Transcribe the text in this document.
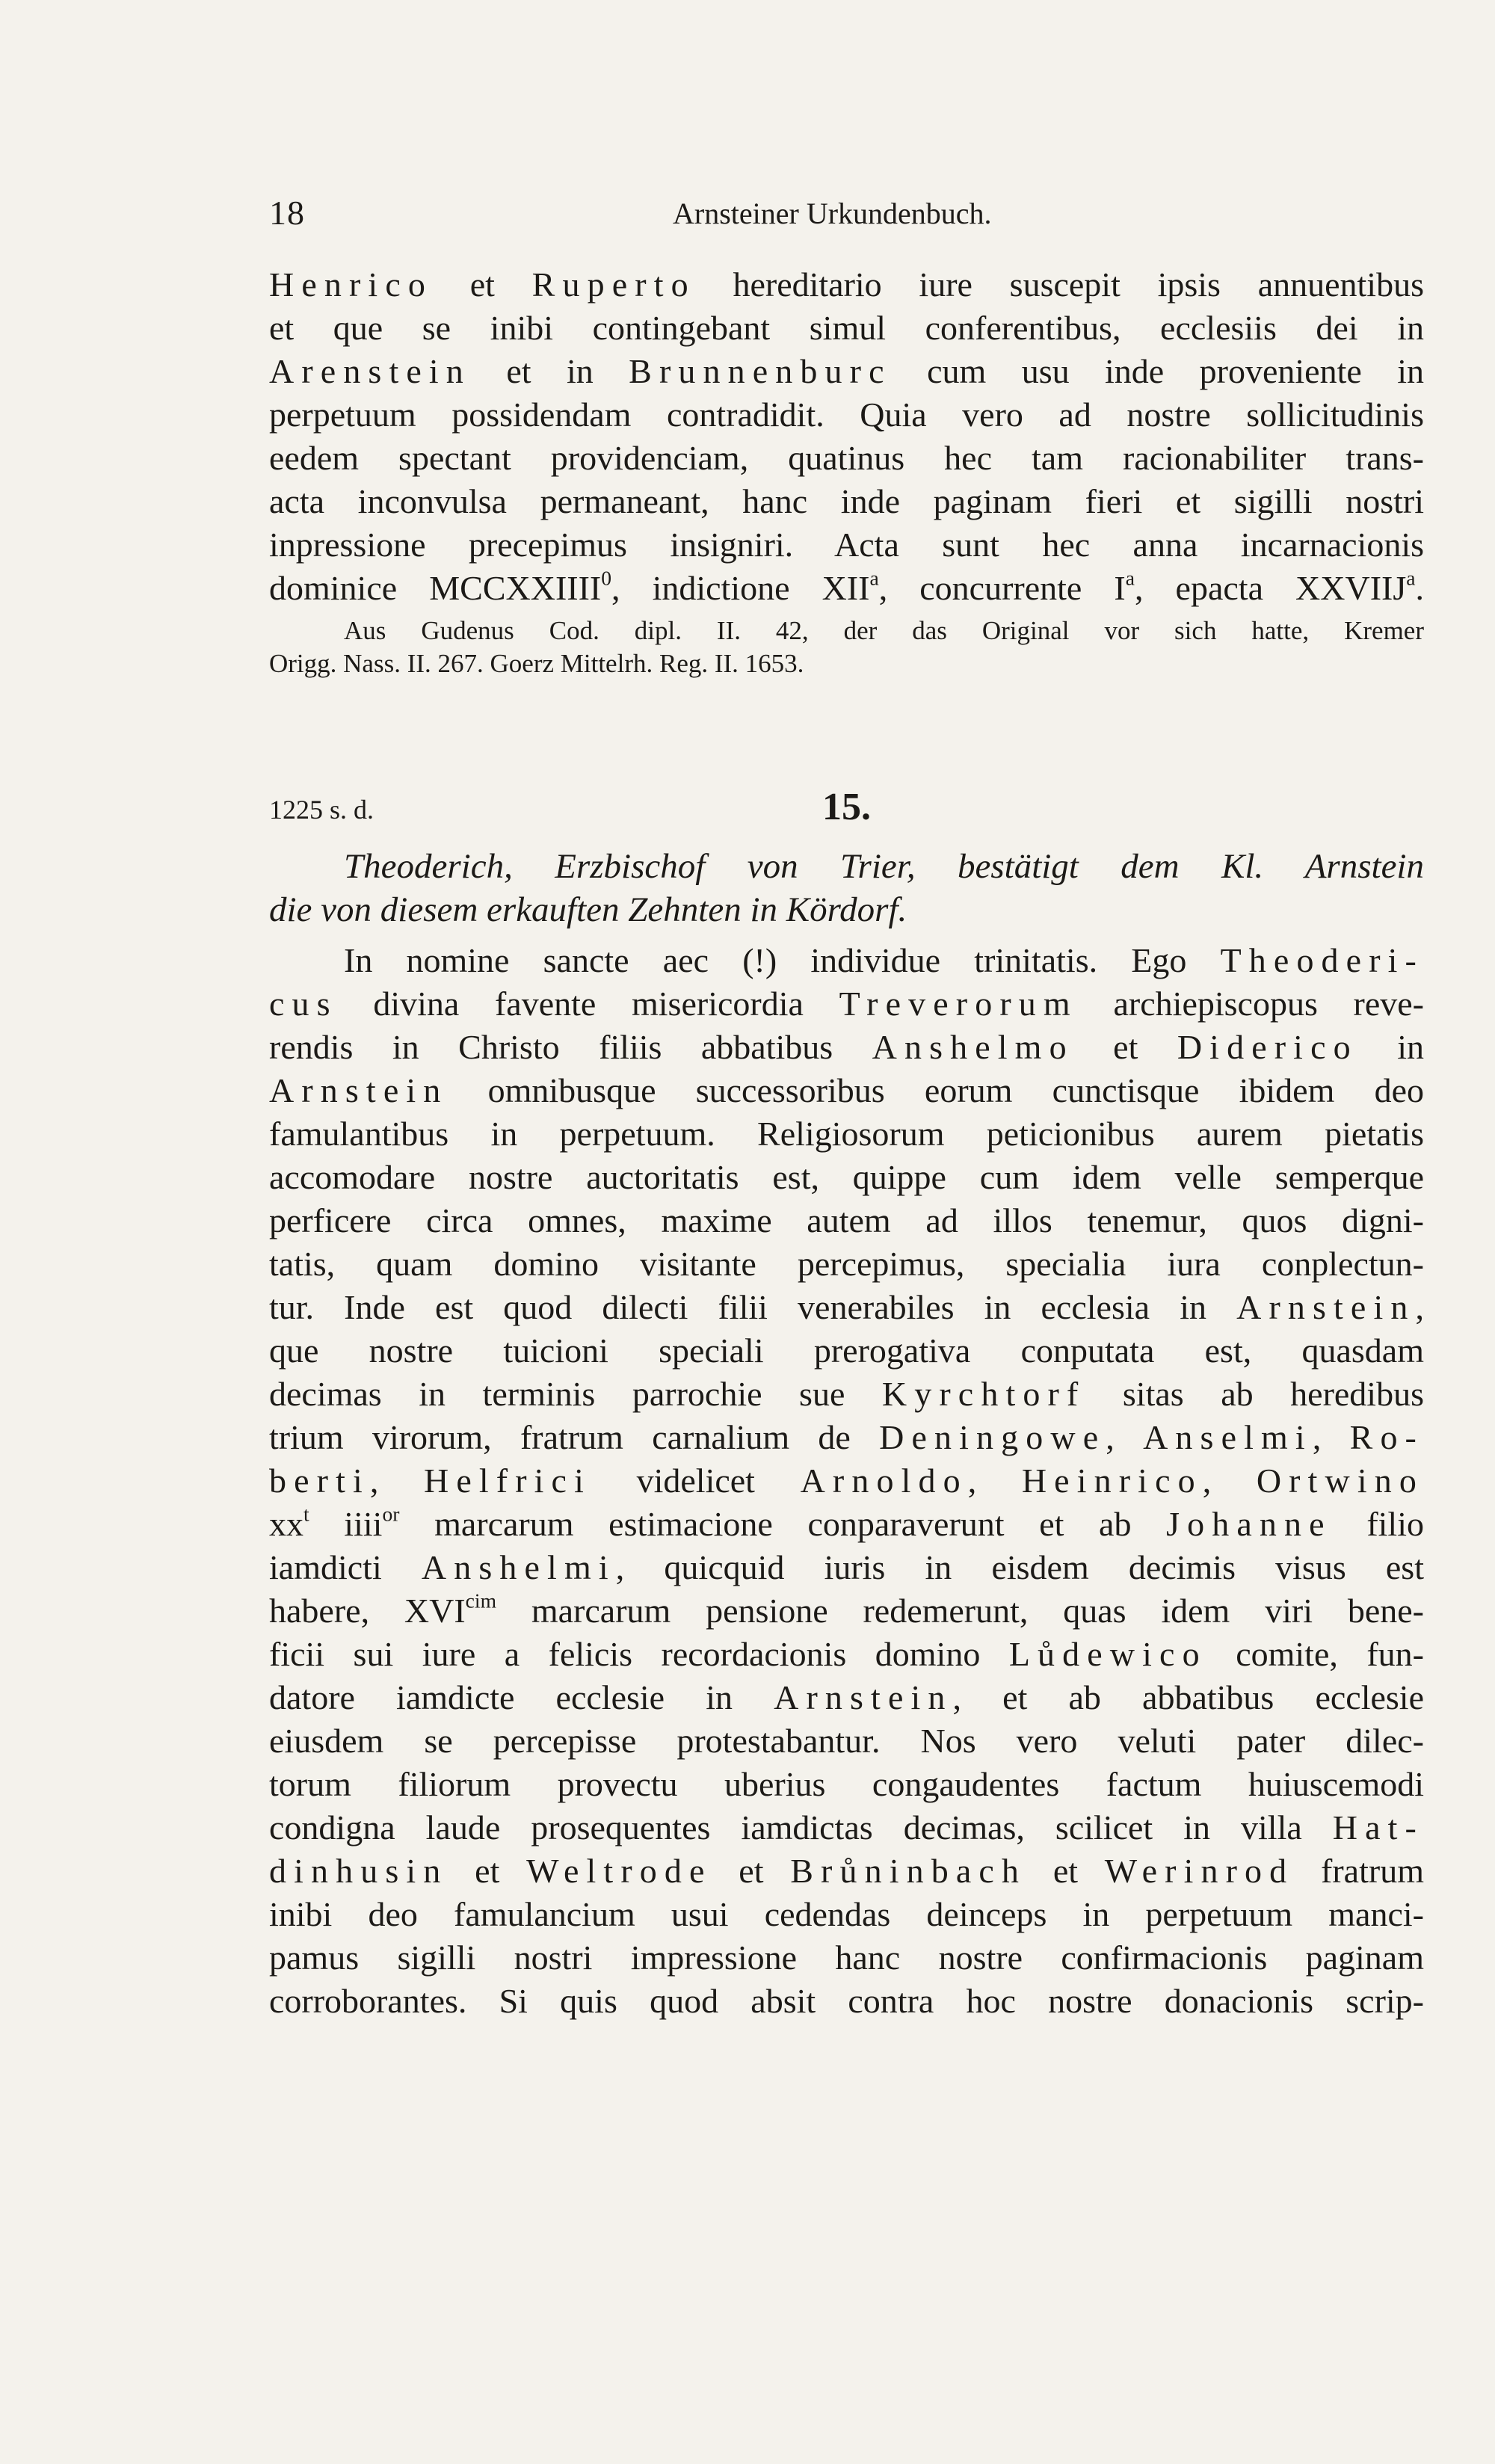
18	Arnsteiner Urkundenbuch.
Henrico et Ruperto hereditario iure suscepit ipsis annuentibus
et que se inibi contingebant simul conferentibus, ecclesiis dei in
Arenstein et in Brunnenburc cum usu inde proveniente in
perpetuum possidendam contradidit. Quia vero ad nostre sollicitudinis
eedem spectant providenciam, quatinus hec tam racionabiliter trans-
acta inconvulsa permaneant, hanc inde paginam fieri et sigilli nostri
inpressione precepimus insigniri. Acta sunt hec anna incarnacionis
dominice MCCXXIIII$^0$, indictione XII$^a$, concurrente $I^a$, epacta XXVIIJ$^a$.
Aus Gudenus Cod. dipl. II. 42, der das Original vor sich hatte, Kremer
Origg. Nass. II. 267. Goerz Mittelrh. Reg. II. 1653.
1225 s. d.	15.
Theoderich, Erzbischof von Trier, bestätigt dem Kl. Arnstein
die von diesem erkauften Zehnten in Kördorf.
In nomine sancte aec (!) individue trinitatis. Ego Theoderi-
cus divina favente misericordia Treverorum archiepiscopus reve-
rendis in Christo filiis abbatibus Anshelmo et Diderico in
Arnstein omnibusque successoribus eorum cunctisque ibidem deo
famulantibus in perpetuum. Religiosorum peticionibus aurem pietatis
accomodare nostre auctoritatis est, quippe cum idem velle semperque
perficere circa omnes, maxime autem ad illos tenemur, quos digni-
tatis, quam domino visitante percepimus, specialia iura conplectun-
tur. Inde est quod dilecti filii venerabiles in ecclesia in Arnstein,
que nostre tuicioni speciali prerogativa conputata est, quasdam
decimas in terminis parrochie sue Kyrchtorf sitas ab heredibus
trium virorum, fratrum carnalium de Deningowe, Anselmi, Ro-
berti, Helfrici videlicet Arnoldo, Heinrico, Ortwino
$xx^t$ iiii$^{or}$ marcarum estimacione conparaverunt et ab Johanne filio
iamdicti Anshelmi, quicquid iuris in eisdem decimis visus est
habere, $XVI^{cim}$ marcarum pensione redemerunt, quas idem viri bene-
ficii sui iure a felicis recordacionis domino Lůdewico comite, fun-
datore iamdicte ecclesie in Arnstein, et ab abbatibus ecclesie
eiusdem se percepisse protestabantur. Nos vero veluti pater dilec-
torum filiorum provectu uberius congaudentes factum huiuscemodi
condigna laude prosequentes iamdictas decimas, scilicet in villa Hat-
dinhusin et Weltrode et Brůninbach et Werinrod fratrum
inibi deo famulancium usui cedendas deinceps in perpetuum manci-
pamus sigilli nostri impressione hanc nostre confirmacionis paginam
corroborantes. Si quis quod absit contra hoc nostre donacionis scrip-
